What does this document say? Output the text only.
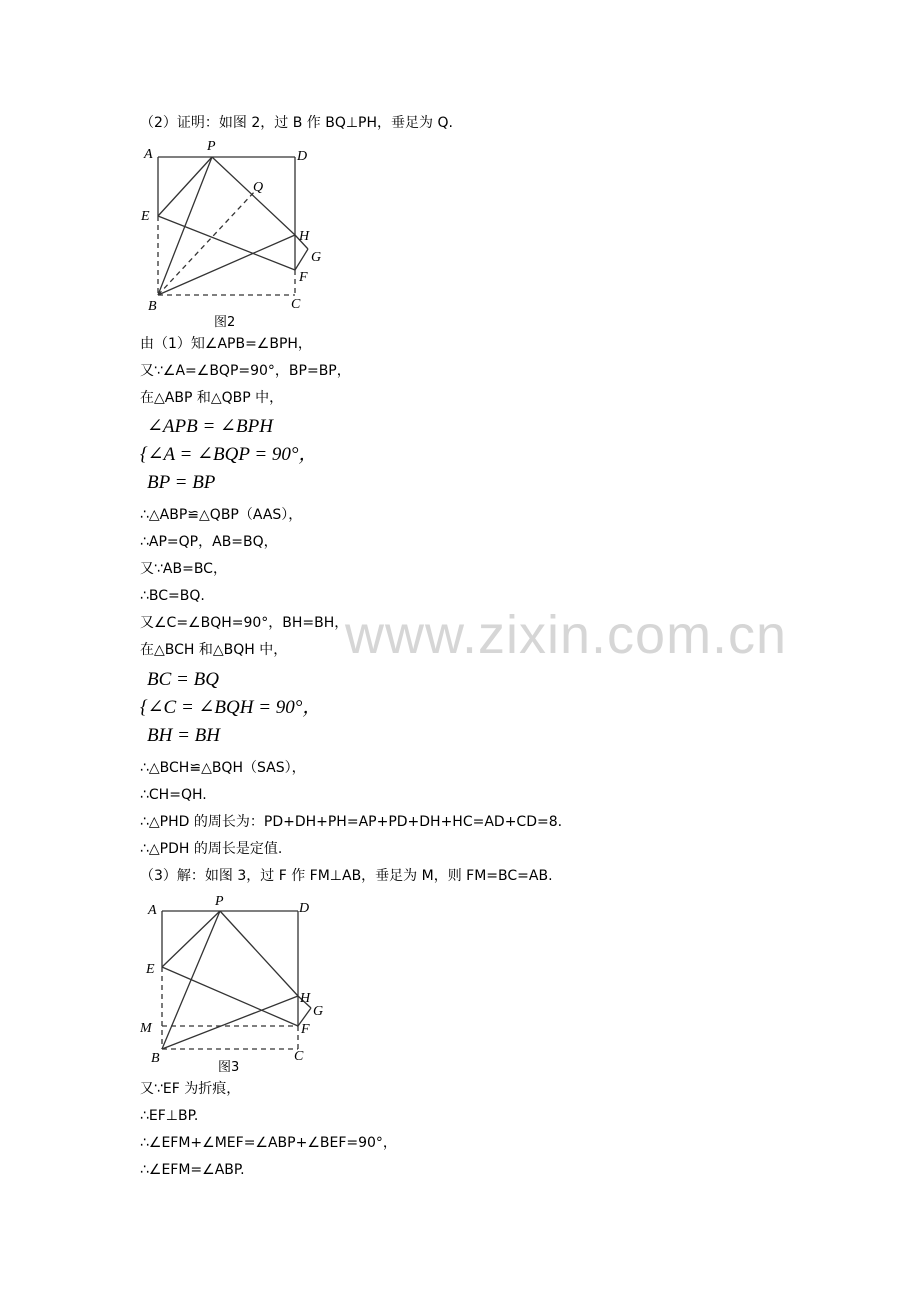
www.zixin.com.cn
（2）证明：如图 2，过 B 作 BQ⊥PH，垂足为 Q.
A
P
D
Q
E
H
G
F
B	C
图2
由（1）知∠APB=∠BPH，
又∵∠A=∠BQP=90°，BP=BP，
在△ABP 和△QBP 中，
∠APB = ∠BPH
{∠A = ∠BQP = 90°，
BP = BP
∴△ABP≌△QBP（AAS），
∴AP=QP，AB=BQ，
又∵AB=BC，
∴BC=BQ.
又∠C=∠BQH=90°，BH=BH，
在△BCH 和△BQH 中，
BC = BQ
{∠C = ∠BQH = 90°，
BH = BH
∴△BCH≌△BQH（SAS），
∴CH=QH.
∴△PHD 的周长为：PD+DH+PH=AP+PD+DH+HC=AD+CD=8.
∴△PDH 的周长是定值.
（3）解：如图 3，过 F 作 FM⊥AB，垂足为 M，则 FM=BC=AB.
A
P	D
E
H
G
M	F
B	C
图3
又∵EF 为折痕，
∴EF⊥BP.
∴∠EFM+∠MEF=∠ABP+∠BEF=90°，
∴∠EFM=∠ABP.
